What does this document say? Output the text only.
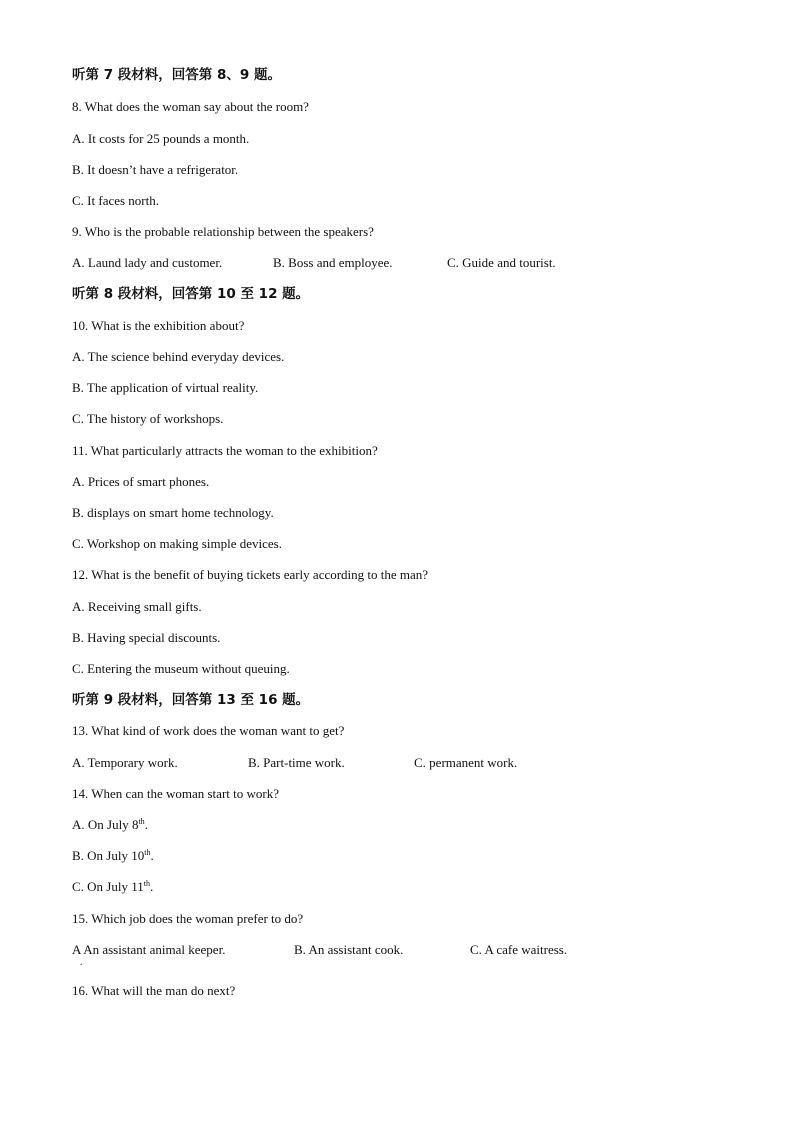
听第 7 段材料，回答第 8、9 题。
8. What does the woman say about the room?
A. It costs for 25 pounds a month.
B. It doesn’t have a refrigerator.
C. It faces north.
9. Who is the probable relationship between the speakers?
A. Laund lady and customer.	B. Boss and employee.	C. Guide and tourist.
听第 8 段材料，回答第 10 至 12 题。
10. What is the exhibition about?
A. The science behind everyday devices.
B. The application of virtual reality.
C. The history of workshops.
11. What particularly attracts the woman to the exhibition?
A. Prices of smart phones.
B. displays on smart home technology.
C. Workshop on making simple devices.
12. What is the benefit of buying tickets early according to the man?
A. Receiving small gifts.
B. Having special discounts.
C. Entering the museum without queuing.
听第 9 段材料，回答第 13 至 16 题。
13. What kind of work does the woman want to get?
A. Temporary work.	B. Part-time work.	C. permanent work.
14. When can the woman start to work?
A. On July 8th.
B. On July 10th.
C. On July 11th.
15. Which job does the woman prefer to do?
A An assistant animal keeper.	B. An assistant cook.	C. A cafe waitress.
.
16. What will the man do next?
